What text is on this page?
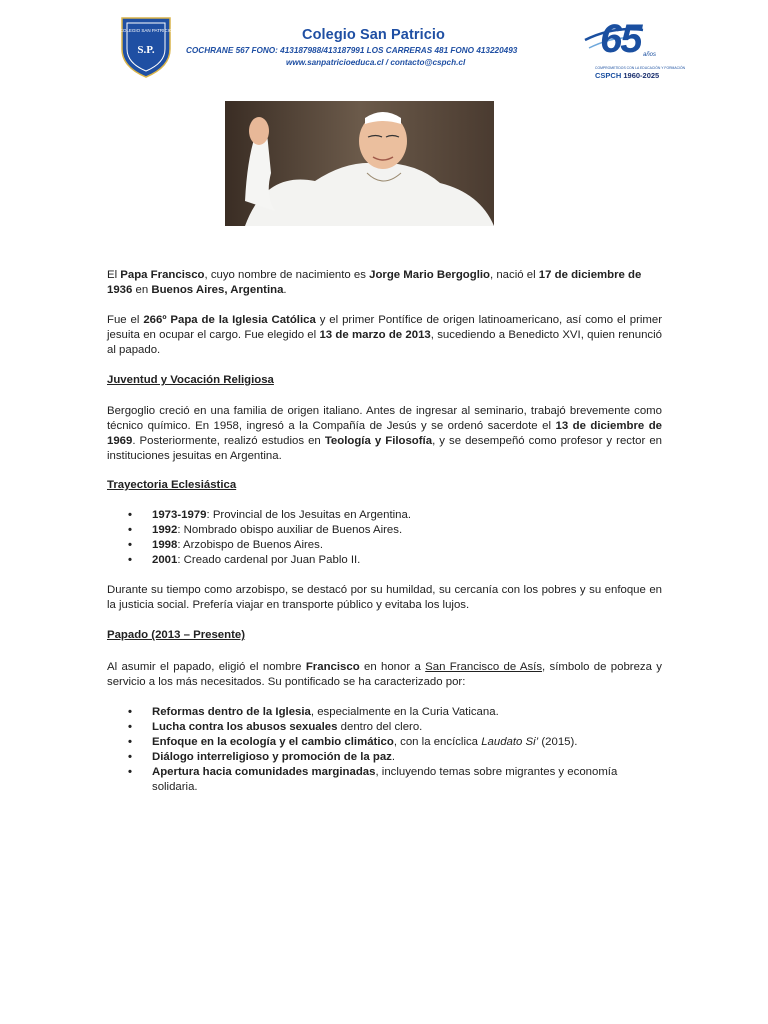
COLEGIO SAN PATRICIO
S.P.
Colegio San Patricio
COCHRANE 567 FONO: 413187988/413187991 LOS CARRERAS 481 FONO 413220493
www.sanpatricioeduca.cl / contacto@cspch.cl
65 años
COMPROMETIDOS CON LA EDUCACIÓN Y FORMACIÓN
CSPCH 1960-2025

El Papa Francisco, cuyo nombre de nacimiento es Jorge Mario Bergoglio, nació el 17 de diciembre de 1936 en Buenos Aires, Argentina.

Fue el 266º Papa de la Iglesia Católica y el primer Pontífice de origen latinoamericano, así como el primer jesuita en ocupar el cargo. Fue elegido el 13 de marzo de 2013, sucediendo a Benedicto XVI, quien renunció al papado.

Juventud y Vocación Religiosa

Bergoglio creció en una familia de origen italiano. Antes de ingresar al seminario, trabajó brevemente como técnico químico. En 1958, ingresó a la Compañía de Jesús y se ordenó sacerdote el 13 de diciembre de 1969. Posteriormente, realizó estudios en Teología y Filosofía, y se desempeñó como profesor y rector en instituciones jesuitas en Argentina.

Trayectoria Eclesiástica
• 1973-1979: Provincial de los Jesuitas en Argentina.
• 1992: Nombrado obispo auxiliar de Buenos Aires.
• 1998: Arzobispo de Buenos Aires.
• 2001: Creado cardenal por Juan Pablo II.

Durante su tiempo como arzobispo, se destacó por su humildad, su cercanía con los pobres y su enfoque en la justicia social. Prefería viajar en transporte público y evitaba los lujos.

Papado (2013 – Presente)

Al asumir el papado, eligió el nombre Francisco en honor a San Francisco de Asís, símbolo de pobreza y servicio a los más necesitados. Su pontificado se ha caracterizado por:

• Reformas dentro de la Iglesia, especialmente en la Curia Vaticana.
• Lucha contra los abusos sexuales dentro del clero.
• Enfoque en la ecología y el cambio climático, con la encíclica Laudato Si’ (2015).
• Diálogo interreligioso y promoción de la paz.
• Apertura hacia comunidades marginadas, incluyendo temas sobre migrantes y economía solidaria.
